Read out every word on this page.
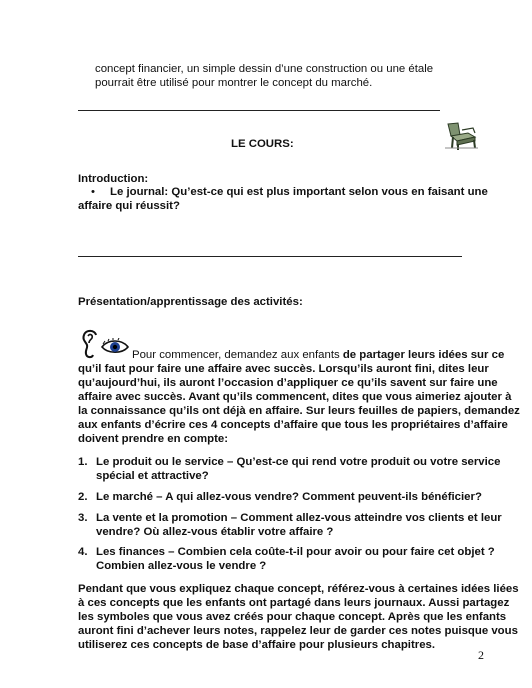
concept financier, un simple dessin d’une construction ou une étale
pourrait être utilisé pour montrer le concept du marché.
LE COURS:
Introduction:
• Le journal: Qu’est-ce qui est plus important selon vous en faisant une
affaire qui réussit?
Présentation/apprentissage des activités:
Pour commencer, demandez aux enfants de partager leurs idées sur ce
qu’il faut pour faire une affaire avec succès. Lorsqu’ils auront fini, dites leur
qu’aujourd’hui, ils auront l’occasion d’appliquer ce qu’ils savent sur faire une
affaire avec succès. Avant qu’ils commencent, dites que vous aimeriez ajouter à
la connaissance qu’ils ont déjà en affaire. Sur leurs feuilles de papiers, demandez
aux enfants d’écrire ces 4 concepts d’affaire que tous les propriétaires d’affaire
doivent prendre en compte:
1. Le produit ou le service – Qu’est-ce qui rend votre produit ou votre service
spécial et attractive?
2. Le marché – A qui allez-vous vendre? Comment peuvent-ils bénéficier?
3. La vente et la promotion – Comment allez-vous atteindre vos clients et leur
vendre? Où allez-vous établir votre affaire ?
4. Les finances – Combien cela coûte-t-il pour avoir ou pour faire cet objet ?
Combien allez-vous le vendre ?
Pendant que vous expliquez chaque concept, référez-vous à certaines idées liées
à ces concepts que les enfants ont partagé dans leurs journaux. Aussi partagez
les symboles que vous avez créés pour chaque concept. Après que les enfants
auront fini d’achever leurs notes, rappelez leur de garder ces notes puisque vous
utiliserez ces concepts de base d’affaire pour plusieurs chapitres.
2
